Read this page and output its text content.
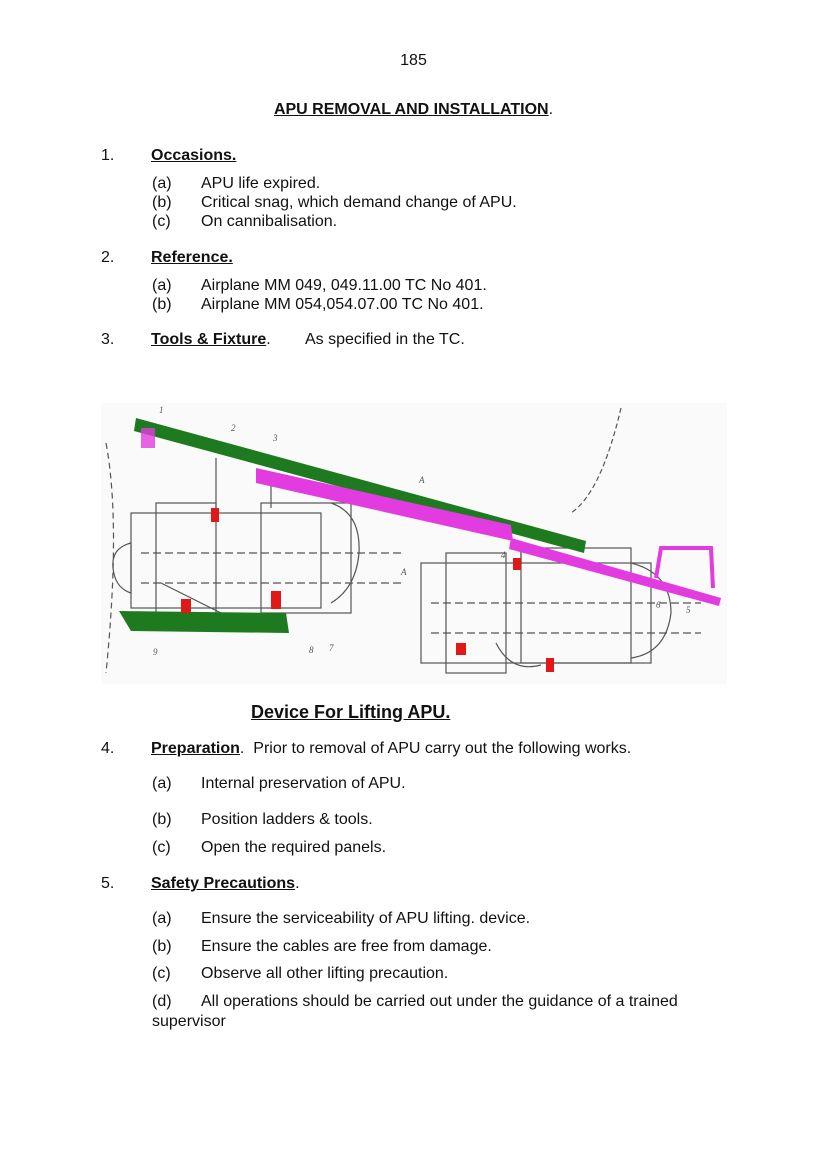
185
APU REMOVAL AND INSTALLATION.
1. Occasions.
(a) APU life expired.
(b) Critical snag, which demand change of APU.
(c) On cannibalisation.
2. Reference.
(a) Airplane MM 049, 049.11.00 TC No 401.
(b) Airplane MM 054,054.07.00 TC No 401.
3. Tools & Fixture. As specified in the TC.
1
2
3
A
A
4
5
6
7
8
9
Device For Lifting APU.
4. Preparation. Prior to removal of APU carry out the following works.
(a) Internal preservation of APU.
(b) Position ladders & tools.
(c) Open the required panels.
5. Safety Precautions.
(a) Ensure the serviceability of APU lifting. device.
(b) Ensure the cables are free from damage.
(c) Observe all other lifting precaution.
(d) All operations should be carried out under the guidance of a trained
supervisor
